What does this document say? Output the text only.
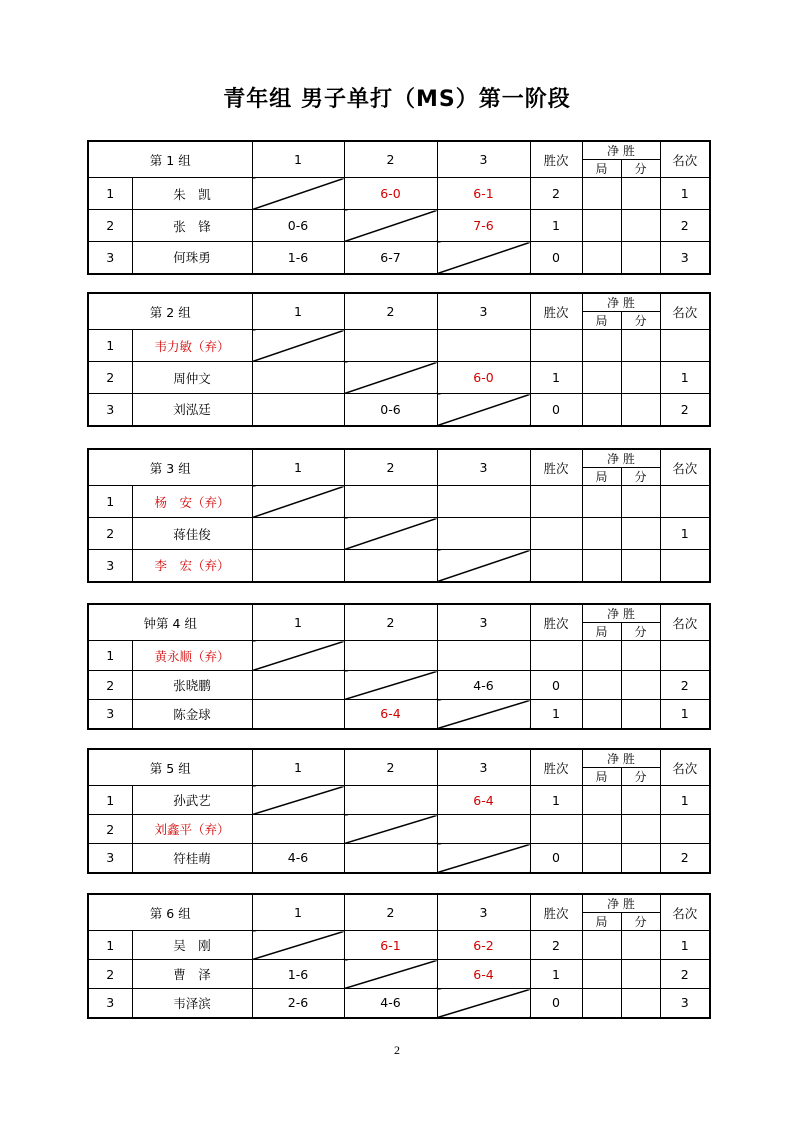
青年组 男子单打（MS）第一阶段
第 1 组		1	2	3	胜次	净 胜		名次
						局	分	
1	朱　凯		6-0	6-1	2			1
2	张　锋	0-6		7-6	1			2
3	何珠勇	1-6	6-7		0			3
第 2 组		1	2	3	胜次	净 胜		名次
						局	分	
1	韦力敏（弃）							
2	周仲文			6-0	1			1
3	刘泓廷		0-6		0			2
第 3 组		1	2	3	胜次	净 胜		名次
						局	分	
1	杨　安（弃）							
2	蒋佳俊							1
3	李　宏（弃）							
钟第 4 组		1	2	3	胜次	净 胜		名次
						局	分	
1	黄永顺（弃）							
2	张晓鹏			4-6	0			2
3	陈金球		6-4		1			1
第 5 组		1	2	3	胜次	净 胜		名次
						局	分	
1	孙武艺			6-4	1			1
2	刘鑫平（弃）							
3	符桂萌	4-6			0			2
第 6 组		1	2	3	胜次	净 胜		名次
						局	分	
1	吴　刚		6-1	6-2	2			1
2	曹　泽	1-6		6-4	1			2
3	韦泽滨	2-6	4-6		0			3
2
